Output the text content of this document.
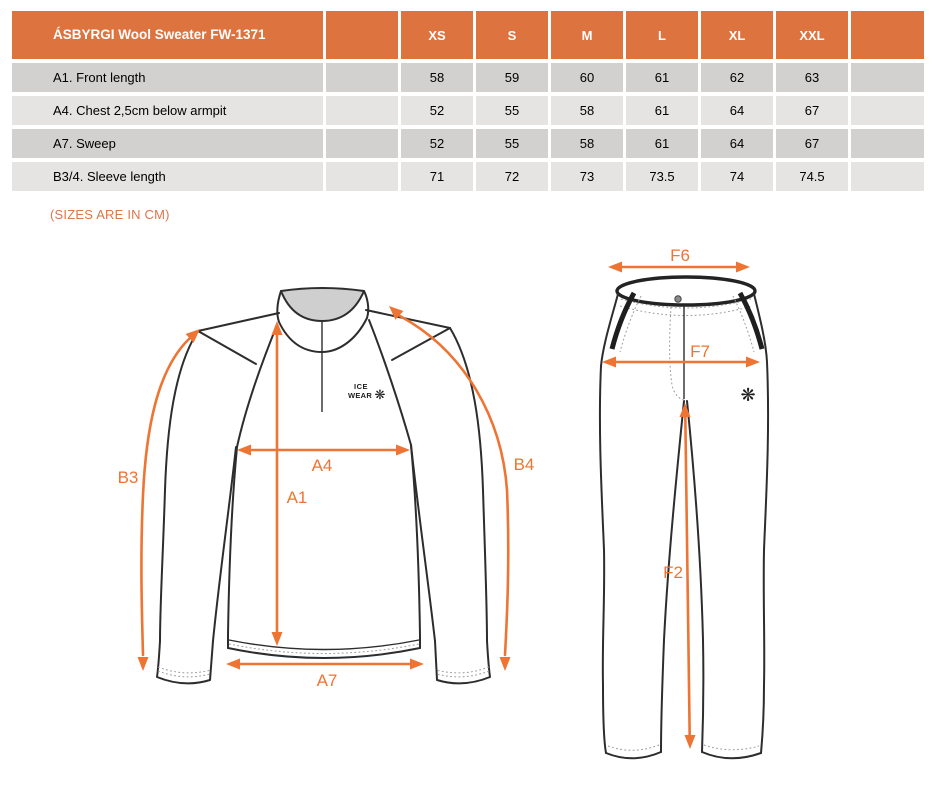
ÁSBYRGI Wool Sweater FW-1371	XS	S	M	L	XL	XXL
A1. Front length	58	59	60	61	62	63
A4. Chest 2,5cm below armpit	52	55	58	61	64	67
A7. Sweep	52	55	58	61	64	67
B3/4. Sleeve length	71	72	73	73.5	74	74.5
(SIZES ARE IN CM)
ICE
WEAR ❋
A4
A1
A7
B3
B4
❋
F6
F7
F2
